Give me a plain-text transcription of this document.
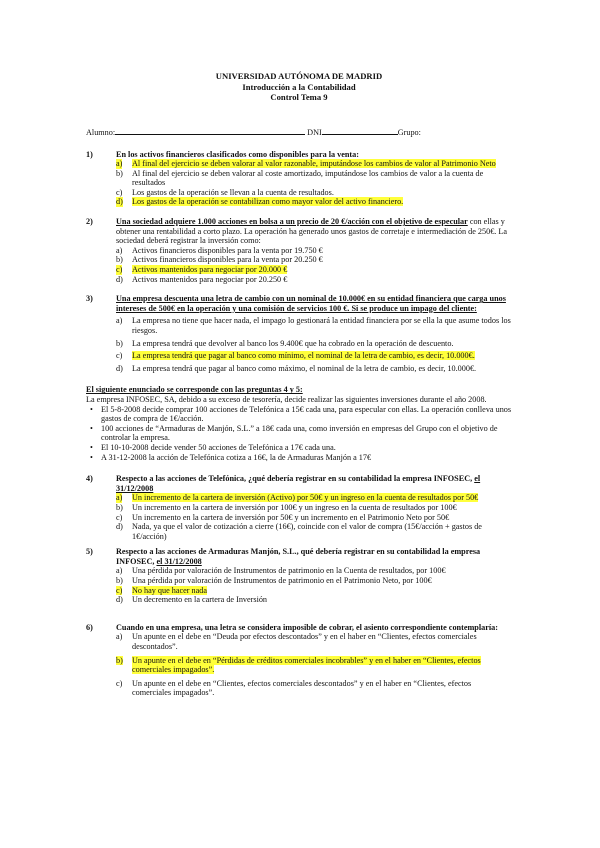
UNIVERSIDAD AUTÓNOMA DE MADRID
Introducción a la Contabilidad
Control Tema 9
Alumno:	DNI	Grupo:
1)	En los activos financieros clasificados como disponibles para la venta:
a) Al final del ejercicio se deben valorar al valor razonable, imputándose los cambios de valor al Patrimonio Neto
b) Al final del ejercicio se deben valorar al coste amortizado, imputándose los cambios de valor a la cuenta de resultados
c) Los gastos de la operación se llevan a la cuenta de resultados.
d) Los gastos de la operación se contabilizan como mayor valor del activo financiero.
2)	Una sociedad adquiere 1.000 acciones en bolsa a un precio de 20 €/acción con el objetivo de especular con ellas y obtener una rentabilidad a corto plazo. La operación ha generado unos gastos de corretaje e intermediación de 250€. La sociedad deberá registrar la inversión como:
a) Activos financieros disponibles para la venta por 19.750 €
b) Activos financieros disponibles para la venta por 20.250 €
c) Activos mantenidos para negociar por 20.000 €
d) Activos mantenidos para negociar por 20.250 €
3)	Una empresa descuenta una letra de cambio con un nominal de 10.000€ en su entidad financiera que carga unos intereses de 500€ en la operación y una comisión de servicios 100 €. Si se produce un impago del cliente:
a) La empresa no tiene que hacer nada, el impago lo gestionará la entidad financiera por se ella la que asume todos los riesgos.
b) La empresa tendrá que devolver al banco los 9.400€ que ha cobrado en la operación de descuento.
c) La empresa tendrá que pagar al banco como mínimo, el nominal de la letra de cambio, es decir, 10.000€.
d) La empresa tendrá que pagar al banco como máximo, el nominal de la letra de cambio, es decir, 10.000€.
El siguiente enunciado se corresponde con las preguntas 4 y 5:
La empresa INFOSEC, SA, debido a su exceso de tesorería, decide realizar las siguientes inversiones durante el año 2008.
• El 5-8-2008 decide comprar 100 acciones de Telefónica a 15€ cada una, para especular con ellas. La operación conlleva unos gastos de compra de 1€/acción.
• 100 acciones de “Armaduras de Manjón, S.L.” a 18€ cada una, como inversión en empresas del Grupo con el objetivo de controlar la empresa.
• El 10-10-2008 decide vender 50 acciones de Telefónica a 17€ cada una.
• A 31-12-2008 la acción de Telefónica cotiza a 16€, la de Armaduras Manjón a 17€
4)	Respecto a las acciones de Telefónica, ¿qué debería registrar en su contabilidad la empresa INFOSEC, el 31/12/2008
a) Un incremento de la cartera de inversión (Activo) por 50€ y un ingreso en la cuenta de resultados por 50€
b) Un incremento en la cartera de inversión por 100€ y un ingreso en la cuenta de resultados por 100€
c) Un incremento en la cartera de inversión por 50€ y un incremento en el Patrimonio Neto por 50€
d) Nada, ya que el valor de cotización a cierre (16€), coincide con el valor de compra (15€/acción + gastos de 1€/acción)
5)	Respecto a las acciones de Armaduras Manjón, S.L., qué debería registrar en su contabilidad la empresa INFOSEC, el 31/12/2008
a) Una pérdida por valoración de Instrumentos de patrimonio en la Cuenta de resultados, por 100€
b) Una pérdida por valoración de Instrumentos de patrimonio en el Patrimonio Neto, por 100€
c) No hay que hacer nada
d) Un decremento en la cartera de Inversión
6)	Cuando en una empresa, una letra se considera imposible de cobrar, el asiento correspondiente contemplaría:
a) Un apunte en el debe en “Deuda por efectos descontados” y en el haber en “Clientes, efectos comerciales descontados”.
b) Un apunte en el debe en “Pérdidas de créditos comerciales incobrables” y en el haber en “Clientes, efectos comerciales impagados”.
c) Un apunte en el debe en “Clientes, efectos comerciales descontados” y en el haber en “Clientes, efectos comerciales impagados”.
